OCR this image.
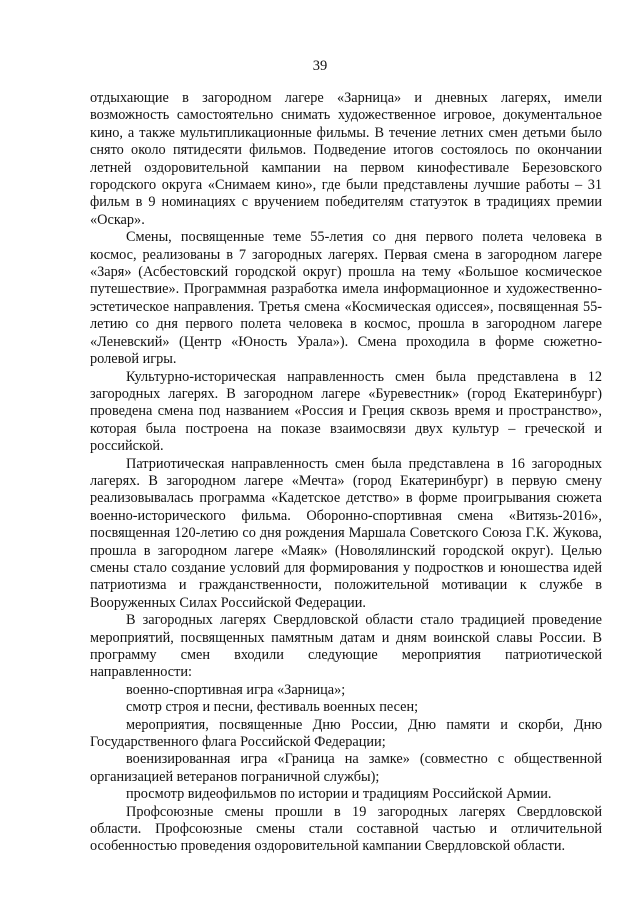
39

отдыхающие в загородном лагере «Зарница» и дневных лагерях, имели возможность самостоятельно снимать художественное игровое, документальное кино, а также мультипликационные фильмы. В течение летних смен детьми было снято около пятидесяти фильмов. Подведение итогов состоялось по окончании летней оздоровительной кампании на первом кинофестивале Березовского городского округа «Снимаем кино», где были представлены лучшие работы – 31 фильм в 9 номинациях с вручением победителям статуэток в традициях премии «Оскар».

Смены, посвященные теме 55-летия со дня первого полета человека в космос, реализованы в 7 загородных лагерях. Первая смена в загородном лагере «Заря» (Асбестовский городской округ) прошла на тему «Большое космическое путешествие». Программная разработка имела информационное и художественно-эстетическое направления. Третья смена «Космическая одиссея», посвященная 55-летию со дня первого полета человека в космос, прошла в загородном лагере «Леневский» (Центр «Юность Урала»). Смена проходила в форме сюжетно-ролевой игры.

Культурно-историческая направленность смен была представлена в 12 загородных лагерях. В загородном лагере «Буревестник» (город Екатеринбург) проведена смена под названием «Россия и Греция сквозь время и пространство», которая была построена на показе взаимосвязи двух культур – греческой и российской.

Патриотическая направленность смен была представлена в 16 загородных лагерях. В загородном лагере «Мечта» (город Екатеринбург) в первую смену реализовывалась программа «Кадетское детство» в форме проигрывания сюжета военно-исторического фильма. Оборонно-спортивная смена «Витязь-2016», посвященная 120-летию со дня рождения Маршала Советского Союза Г.К. Жукова, прошла в загородном лагере «Маяк» (Новолялинский городской округ). Целью смены стало создание условий для формирования у подростков и юношества идей патриотизма и гражданственности, положительной мотивации к службе в Вооруженных Силах Российской Федерации.

В загородных лагерях Свердловской области стало традицией проведение мероприятий, посвященных памятным датам и дням воинской славы России. В программу смен входили следующие мероприятия патриотической направленности:

военно-спортивная игра «Зарница»;

смотр строя и песни, фестиваль военных песен;

мероприятия, посвященные Дню России, Дню памяти и скорби, Дню Государственного флага Российской Федерации;

военизированная игра «Граница на замке» (совместно с общественной организацией ветеранов пограничной службы);

просмотр видеофильмов по истории и традициям Российской Армии.

Профсоюзные смены прошли в 19 загородных лагерях Свердловской области. Профсоюзные смены стали составной частью и отличительной особенностью проведения оздоровительной кампании Свердловской области.
